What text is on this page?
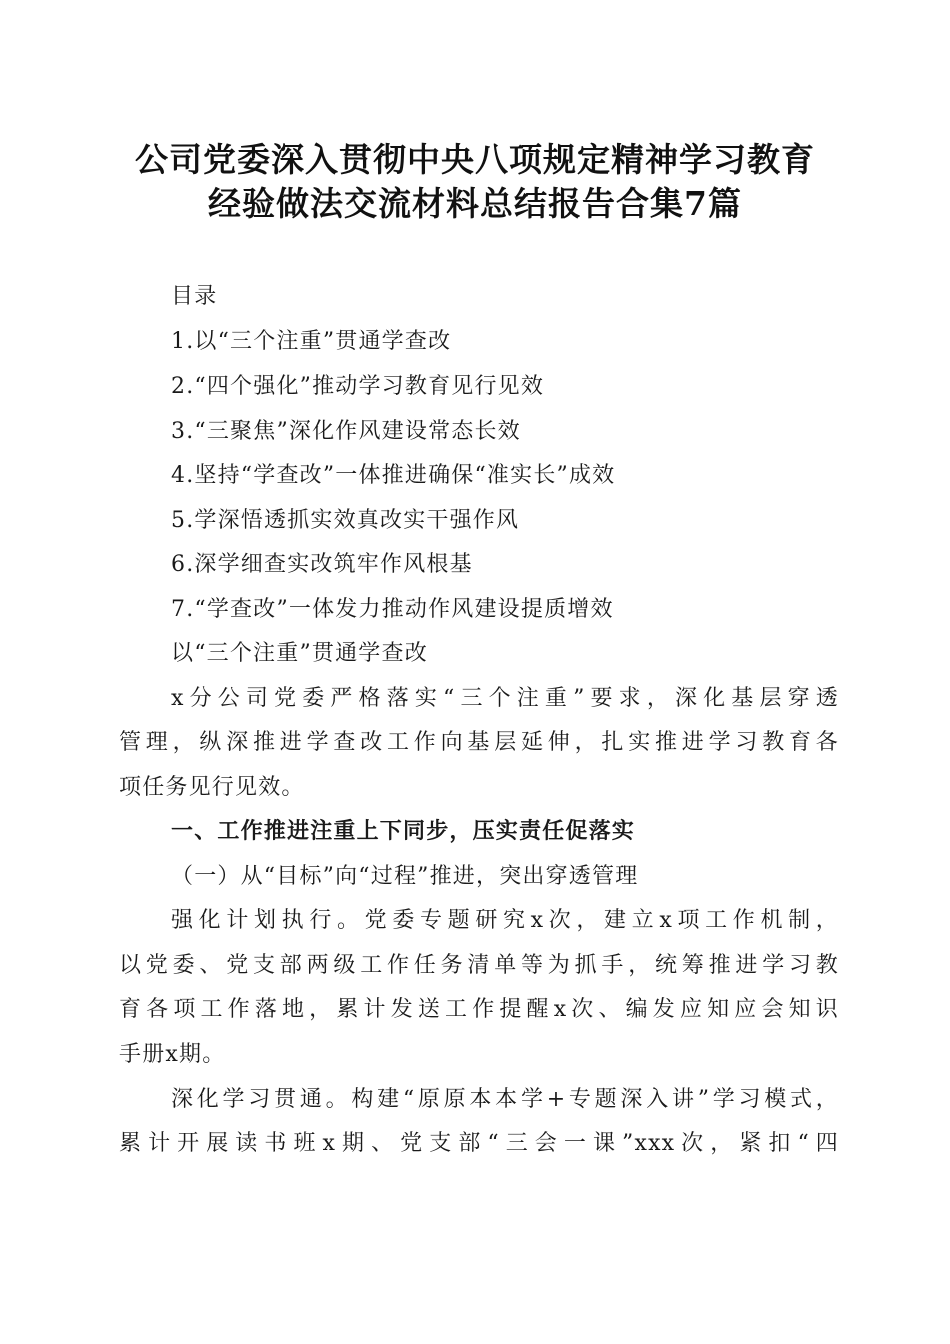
公司党委深入贯彻中央八项规定精神学习教育
经验做法交流材料总结报告合集7篇
目录
1.以“三个注重”贯通学查改
2.“四个强化”推动学习教育见行见效
3.“三聚焦”深化作风建设常态长效
4.坚持“学查改”一体推进确保“准实长”成效
5.学深悟透抓实效真改实干强作风
6.深学细查实改筑牢作风根基
7.“学查改”一体发力推动作风建设提质增效
以“三个注重”贯通学查改
x分公司党委严格落实“三个注重”要求，深化基层穿透
管理，纵深推进学查改工作向基层延伸，扎实推进学习教育各
项任务见行见效。
一、工作推进注重上下同步，压实责任促落实
（一）从“目标”向“过程”推进，突出穿透管理
强化计划执行。党委专题研究x次，建立x项工作机制，
以党委、党支部两级工作任务清单等为抓手，统筹推进学习教
育各项工作落地，累计发送工作提醒x次、编发应知应会知识
手册x期。
深化学习贯通。构建“原原本本学+专题深入讲”学习模式，
累计开展读书班x期、党支部“三会一课”xxx次，紧扣“四
